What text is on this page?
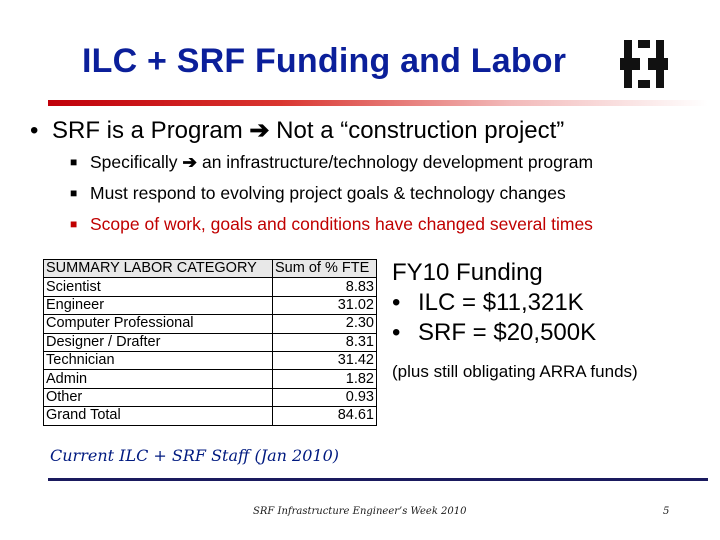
ILC + SRF Funding and Labor
• SRF is a Program ➔ Not a “construction project”
■ Specifically ➔ an infrastructure/technology development program
■ Must respond to evolving project goals & technology changes
■ Scope of work, goals and conditions have changed several times
SUMMARY LABOR CATEGORY	Sum of % FTE
Scientist	8.83
Engineer	31.02
Computer Professional	2.30
Designer / Drafter	8.31
Technician	31.42
Admin	1.82
Other	0.93
Grand Total	84.61
FY10 Funding
• ILC = $11,321K
• SRF = $20,500K
(plus still obligating ARRA funds)
Current ILC + SRF Staff (Jan 2010)
SRF Infrastructure Engineer’s Week 2010	5
